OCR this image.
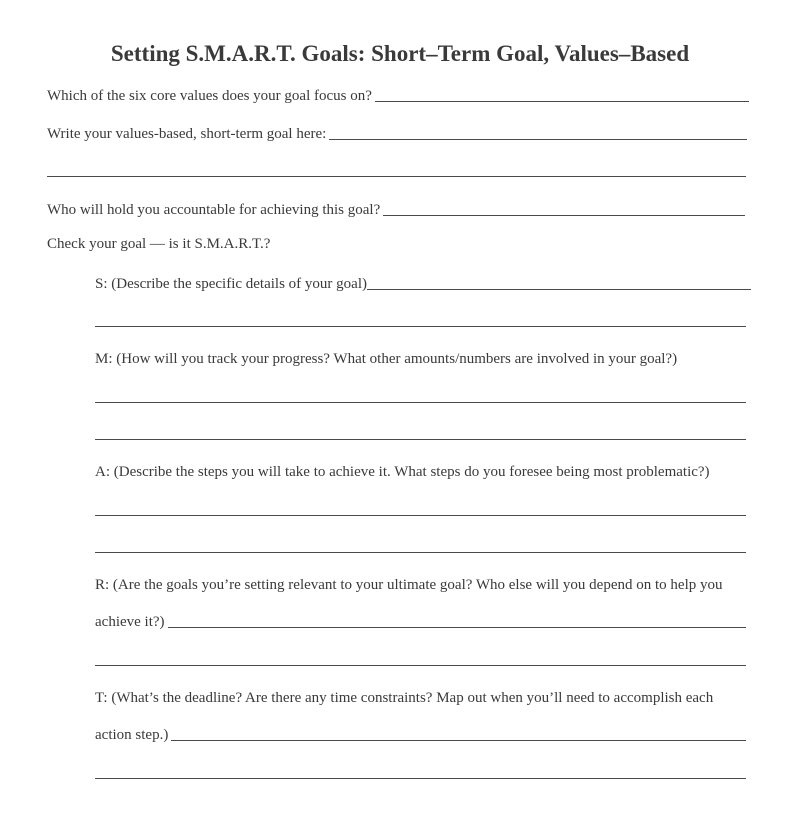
Setting S.M.A.R.T. Goals: Short–Term Goal, Values–Based
Which of the six core values does your goal focus on?
Write your values-based, short-term goal here:
Who will hold you accountable for achieving this goal?
Check your goal — is it S.M.A.R.T.?
S: (Describe the specific details of your goal)
M: (How will you track your progress? What other amounts/numbers are involved in your goal?)
A: (Describe the steps you will take to achieve it. What steps do you foresee being most problematic?)
R: (Are the goals you’re setting relevant to your ultimate goal? Who else will you depend on to help you
achieve it?)
T: (What’s the deadline? Are there any time constraints? Map out when you’ll need to accomplish each
action step.)
